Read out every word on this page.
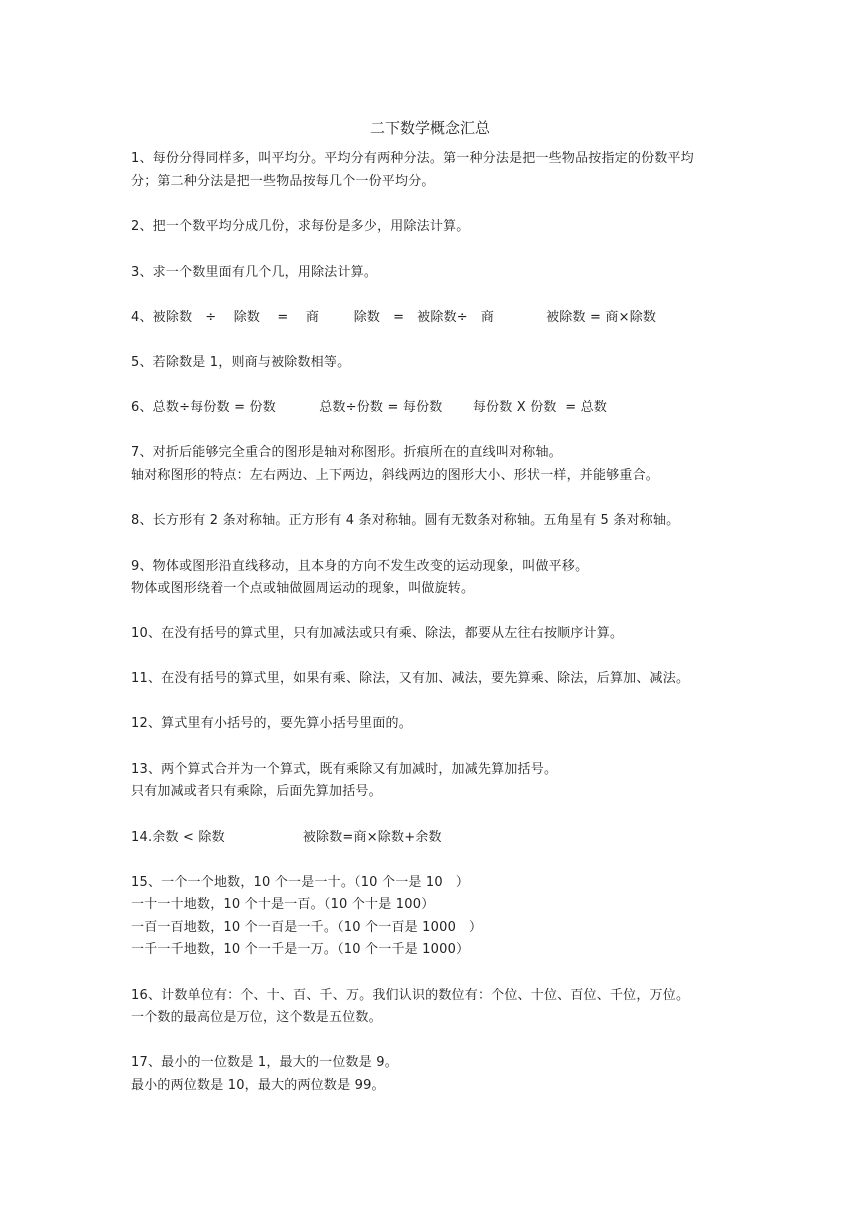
二下数学概念汇总
1、每份分得同样多，叫平均分。平均分有两种分法。第一种分法是把一些物品按指定的份数平均
分；第二种分法是把一些物品按每几个一份平均分。
2、把一个数平均分成几份，求每份是多少，用除法计算。
3、求一个数里面有几个几，用除法计算。
4、被除数   ÷    除数    =    商        除数   =   被除数÷   商            被除数 = 商×除数
5、若除数是 1，则商与被除数相等。
6、总数÷每份数 = 份数          总数÷份数 = 每份数       每份数 X 份数  = 总数
7、对折后能够完全重合的图形是轴对称图形。折痕所在的直线叫对称轴。
轴对称图形的特点：左右两边、上下两边，斜线两边的图形大小、形状一样，并能够重合。
8、长方形有 2 条对称轴。正方形有 4 条对称轴。圆有无数条对称轴。五角星有 5 条对称轴。
9、物体或图形沿直线移动，且本身的方向不发生改变的运动现象，叫做平移。
物体或图形绕着一个点或轴做圆周运动的现象，叫做旋转。
10、在没有括号的算式里，只有加减法或只有乘、除法，都要从左往右按顺序计算。
11、在没有括号的算式里，如果有乘、除法，又有加、减法，要先算乘、除法，后算加、减法。
12、算式里有小括号的，要先算小括号里面的。
13、两个算式合并为一个算式，既有乘除又有加减时，加减先算加括号。
只有加减或者只有乘除，后面先算加括号。
14.余数 < 除数                  被除数=商×除数+余数
15、一个一个地数，10 个一是一十。（10 个一是 10   ）
一十一十地数，10 个十是一百。（10 个十是 100）
一百一百地数，10 个一百是一千。（10 个一百是 1000   ）
一千一千地数，10 个一千是一万。（10 个一千是 1000）
16、计数单位有：个、十、百、千、万。我们认识的数位有：个位、十位、百位、千位，万位。
一个数的最高位是万位，这个数是五位数。
17、最小的一位数是 1，最大的一位数是 9。
最小的两位数是 10，最大的两位数是 99。
